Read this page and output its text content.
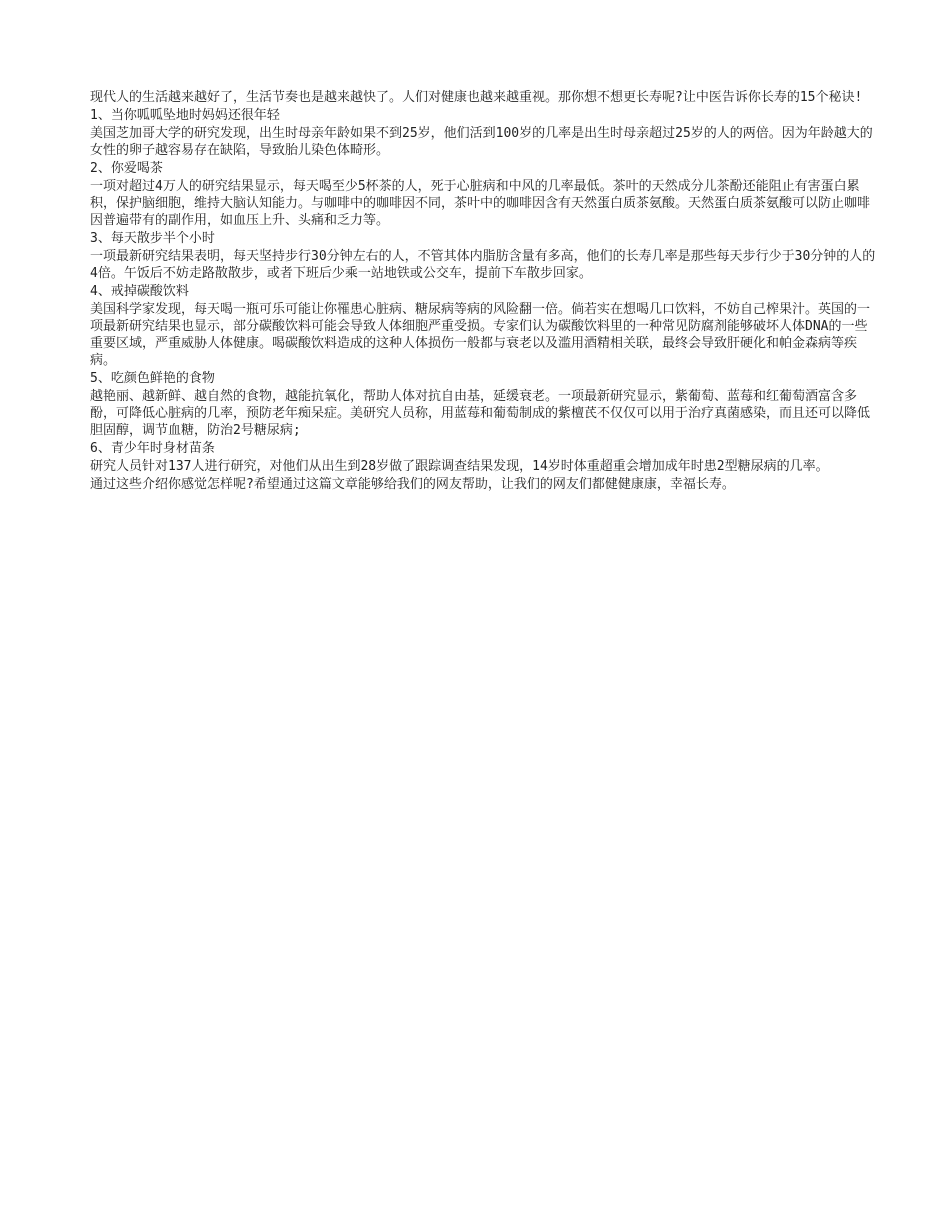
现代人的生活越来越好了，生活节奏也是越来越快了。人们对健康也越来越重视。那你想不想更长寿呢?让中医告诉你长寿的15个秘诀!

1、当你呱呱坠地时妈妈还很年轻

美国芝加哥大学的研究发现，出生时母亲年龄如果不到25岁，他们活到100岁的几率是出生时母亲超过25岁的人的两倍。因为年龄越大的女性的卵子越容易存在缺陷，导致胎儿染色体畸形。

2、你爱喝茶

一项对超过4万人的研究结果显示，每天喝至少5杯茶的人，死于心脏病和中风的几率最低。茶叶的天然成分儿茶酚还能阻止有害蛋白累积，保护脑细胞，维持大脑认知能力。与咖啡中的咖啡因不同，茶叶中的咖啡因含有天然蛋白质茶氨酸。天然蛋白质茶氨酸可以防止咖啡因普遍带有的副作用，如血压上升、头痛和乏力等。

3、每天散步半个小时

一项最新研究结果表明，每天坚持步行30分钟左右的人，不管其体内脂肪含量有多高，他们的长寿几率是那些每天步行少于30分钟的人的4倍。午饭后不妨走路散散步，或者下班后少乘一站地铁或公交车，提前下车散步回家。

4、戒掉碳酸饮料

美国科学家发现，每天喝一瓶可乐可能让你罹患心脏病、糖尿病等病的风险翻一倍。倘若实在想喝几口饮料，不妨自己榨果汁。英国的一项最新研究结果也显示，部分碳酸饮料可能会导致人体细胞严重受损。专家们认为碳酸饮料里的一种常见防腐剂能够破坏人体DNA的一些重要区域，严重威胁人体健康。喝碳酸饮料造成的这种人体损伤一般都与衰老以及滥用酒精相关联，最终会导致肝硬化和帕金森病等疾病。

5、吃颜色鲜艳的食物

越艳丽、越新鲜、越自然的食物，越能抗氧化，帮助人体对抗自由基，延缓衰老。一项最新研究显示，紫葡萄、蓝莓和红葡萄酒富含多酚，可降低心脏病的几率，预防老年痴呆症。美研究人员称，用蓝莓和葡萄制成的紫檀芪不仅仅可以用于治疗真菌感染，而且还可以降低胆固醇，调节血糖，防治2号糖尿病;

6、青少年时身材苗条

研究人员针对137人进行研究，对他们从出生到28岁做了跟踪调查结果发现，14岁时体重超重会增加成年时患2型糖尿病的几率。

通过这些介绍你感觉怎样呢?希望通过这篇文章能够给我们的网友帮助，让我们的网友们都健健康康，幸福长寿。
